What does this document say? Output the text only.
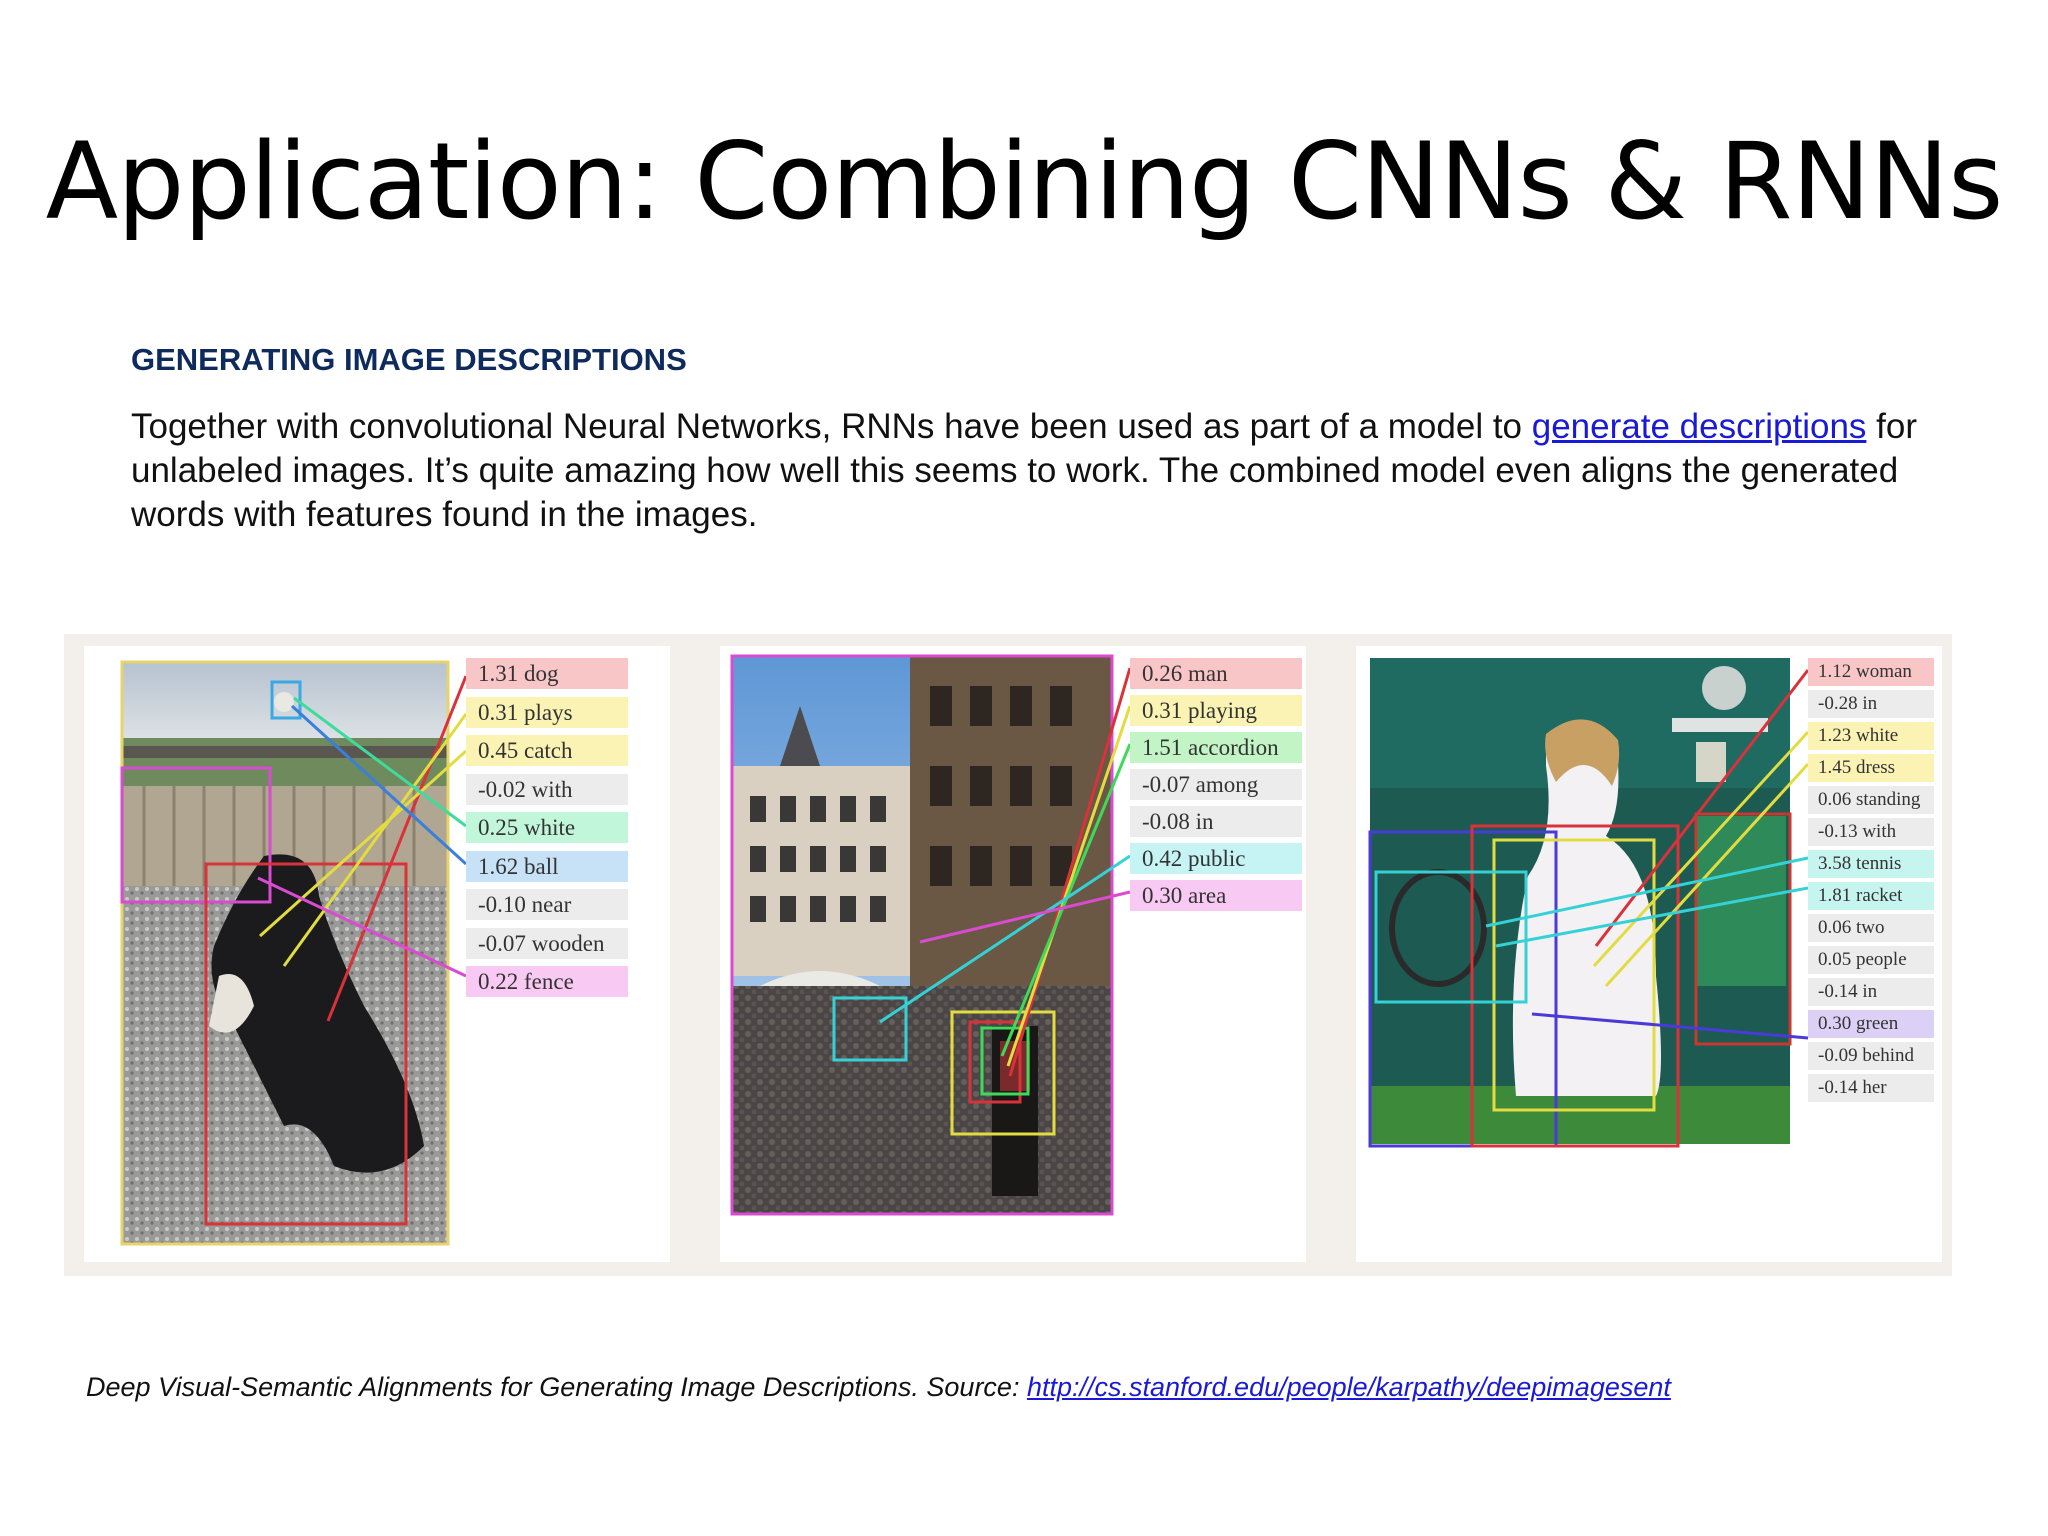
Application: Combining CNNs & RNNs
GENERATING IMAGE DESCRIPTIONS
Together with convolutional Neural Networks, RNNs have been used as part of a model to generate descriptions for unlabeled images. It’s quite amazing how well this seems to work. The combined model even aligns the generated words with features found in the images.
1.31 dog
0.31 plays
0.45 catch
-0.02 with
0.25 white
1.62 ball
-0.10 near
-0.07 wooden
0.22 fence
0.26 man
0.31 playing
1.51 accordion
-0.07 among
-0.08 in
0.42 public
0.30 area
1.12 woman
-0.28 in
1.23 white
1.45 dress
0.06 standing
-0.13 with
3.58 tennis
1.81 racket
0.06 two
0.05 people
-0.14 in
0.30 green
-0.09 behind
-0.14 her
Deep Visual-Semantic Alignments for Generating Image Descriptions. Source: http://cs.stanford.edu/people/karpathy/deepimagesent
